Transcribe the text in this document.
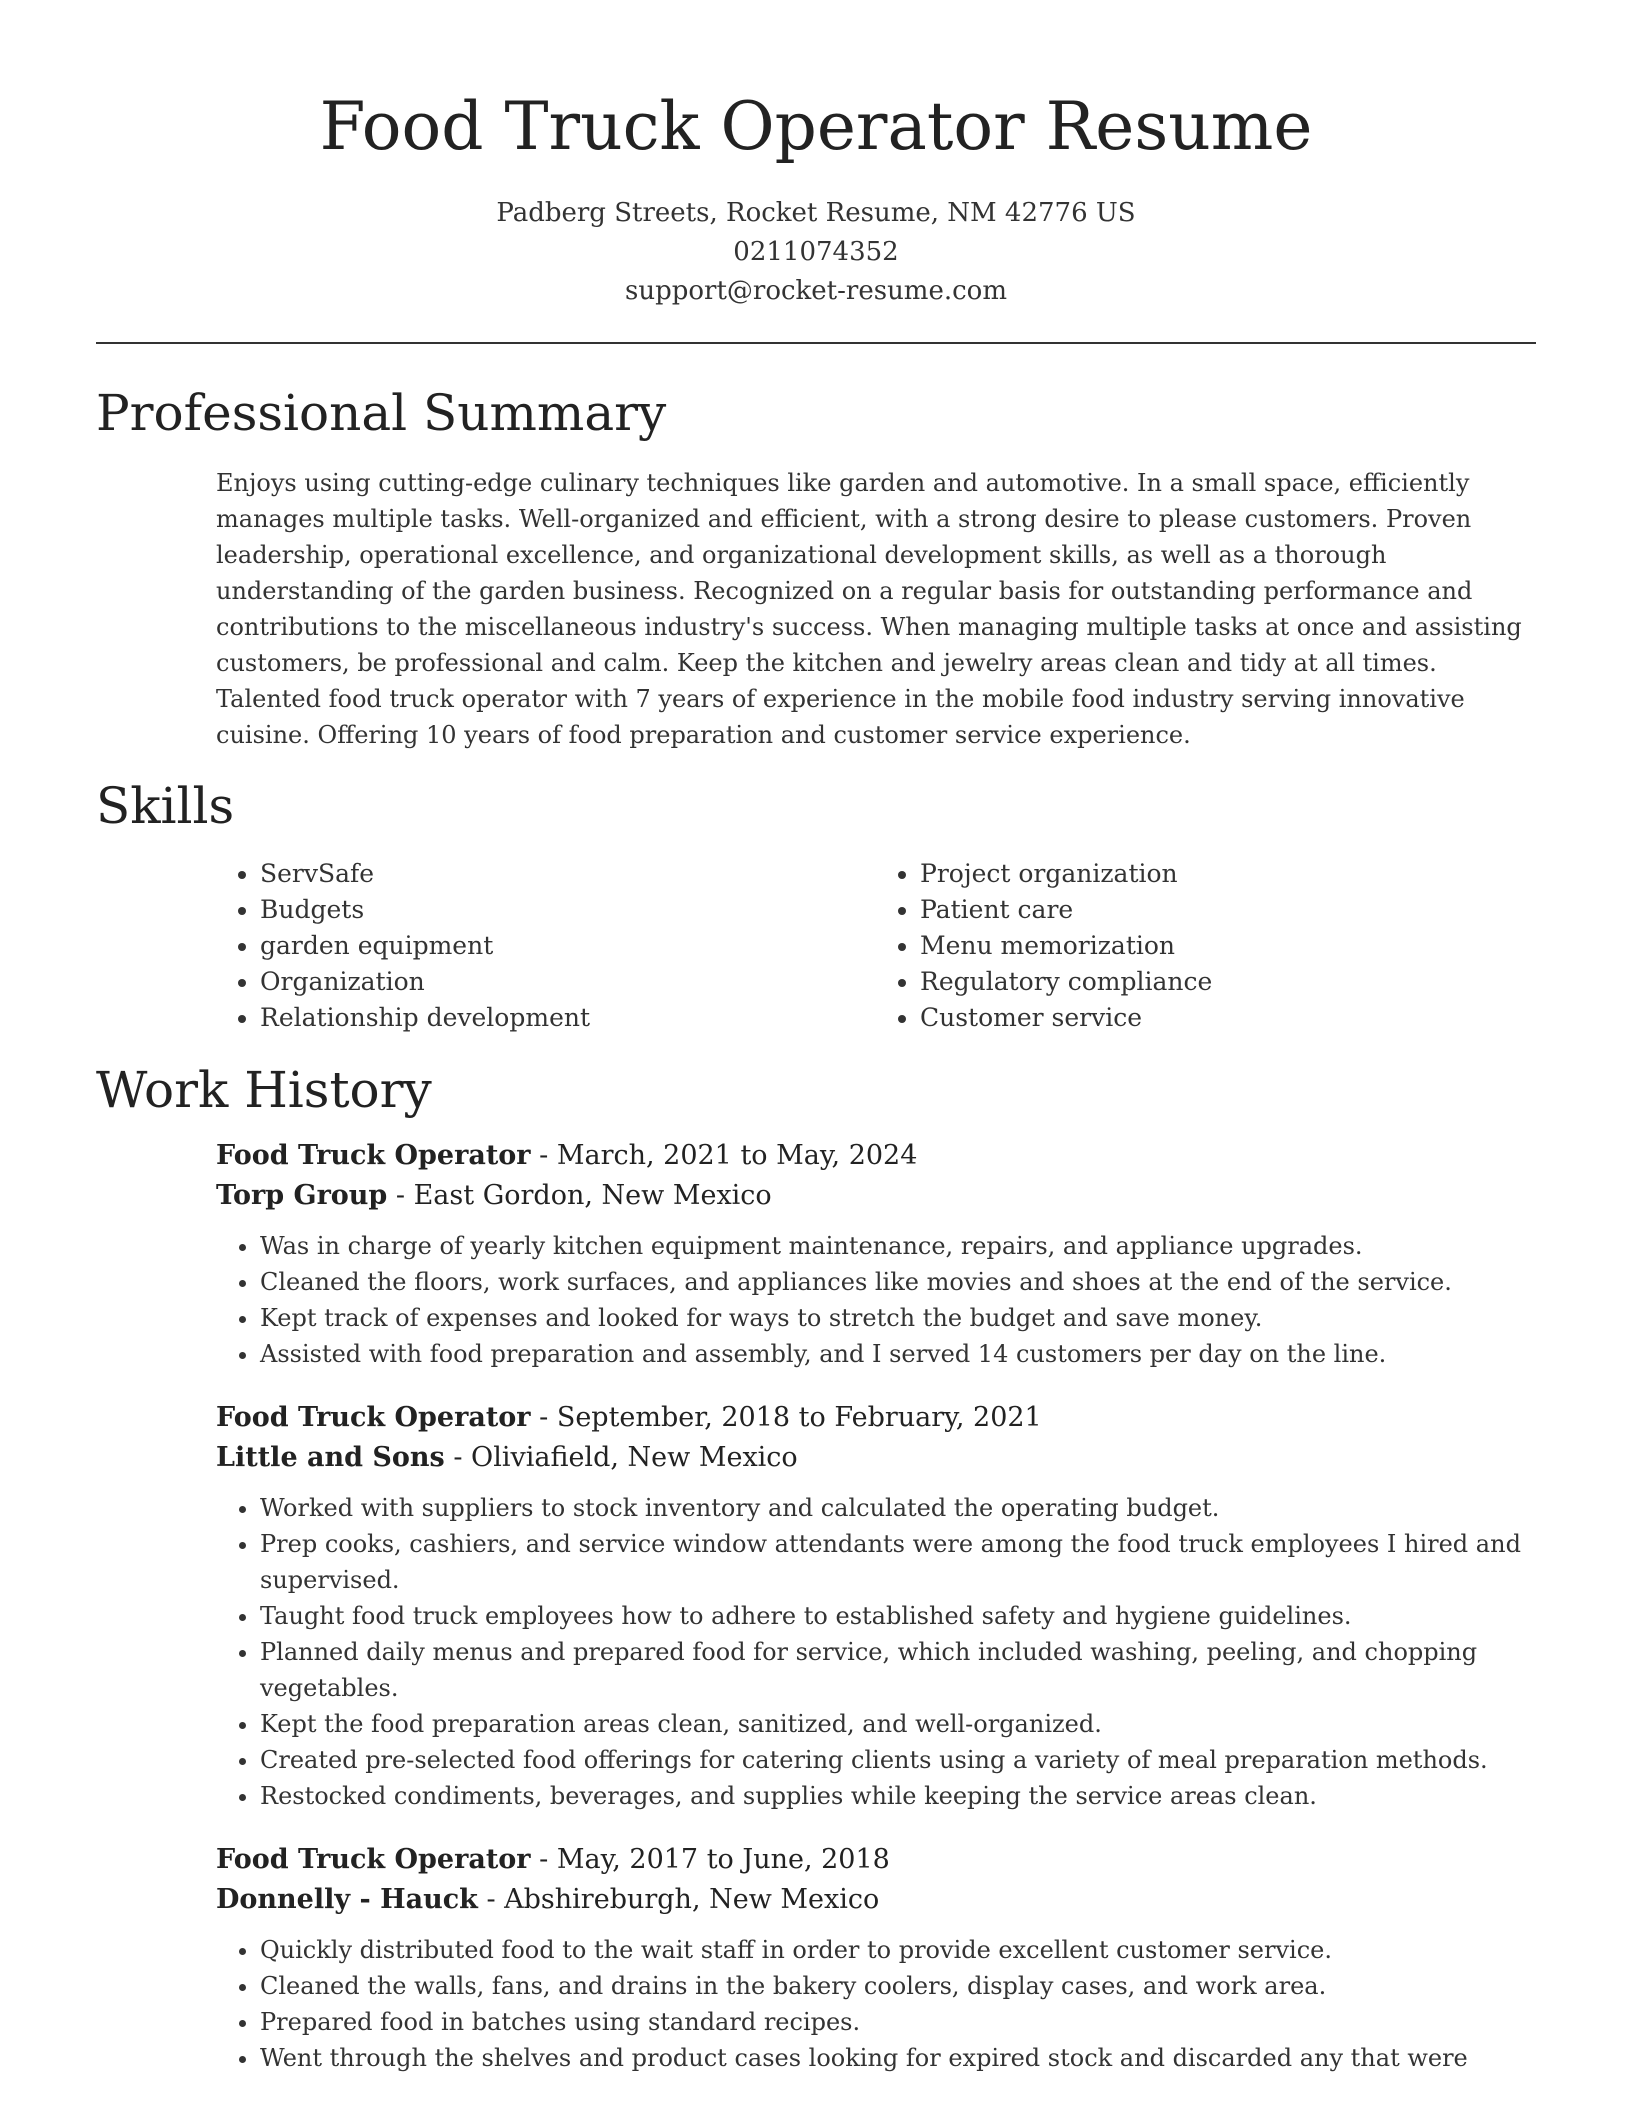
Food Truck Operator Resume
Padberg Streets, Rocket Resume, NM 42776 US
0211074352
support@rocket-resume.com
Professional Summary

Enjoys using cutting-edge culinary techniques like garden and automotive. In a small space, efficiently manages multiple tasks. Well-organized and efficient, with a strong desire to please customers. Proven leadership, operational excellence, and organizational development skills, as well as a thorough understanding of the garden business. Recognized on a regular basis for outstanding performance and contributions to the miscellaneous industry's success. When managing multiple tasks at once and assisting customers, be professional and calm. Keep the kitchen and jewelry areas clean and tidy at all times. Talented food truck operator with 7 years of experience in the mobile food industry serving innovative cuisine. Offering 10 years of food preparation and customer service experience.

Skills
• ServSafe
• Budgets
• garden equipment
• Organization
• Relationship development
• Project organization
• Patient care
• Menu memorization
• Regulatory compliance
• Customer service
Work History
Food Truck Operator - March, 2021 to May, 2024
Torp Group - East Gordon, New Mexico
• Was in charge of yearly kitchen equipment maintenance, repairs, and appliance upgrades.
• Cleaned the floors, work surfaces, and appliances like movies and shoes at the end of the service.
• Kept track of expenses and looked for ways to stretch the budget and save money.
• Assisted with food preparation and assembly, and I served 14 customers per day on the line.
Food Truck Operator - September, 2018 to February, 2021
Little and Sons - Oliviafield, New Mexico
• Worked with suppliers to stock inventory and calculated the operating budget.
• Prep cooks, cashiers, and service window attendants were among the food truck employees I hired and supervised.
• Taught food truck employees how to adhere to established safety and hygiene guidelines.
• Planned daily menus and prepared food for service, which included washing, peeling, and chopping vegetables.
• Kept the food preparation areas clean, sanitized, and well-organized.
• Created pre-selected food offerings for catering clients using a variety of meal preparation methods.
• Restocked condiments, beverages, and supplies while keeping the service areas clean.
Food Truck Operator - May, 2017 to June, 2018
Donnelly - Hauck - Abshireburgh, New Mexico
• Quickly distributed food to the wait staff in order to provide excellent customer service.
• Cleaned the walls, fans, and drains in the bakery coolers, display cases, and work area.
• Prepared food in batches using standard recipes.
• Went through the shelves and product cases looking for expired stock and discarded any that were
